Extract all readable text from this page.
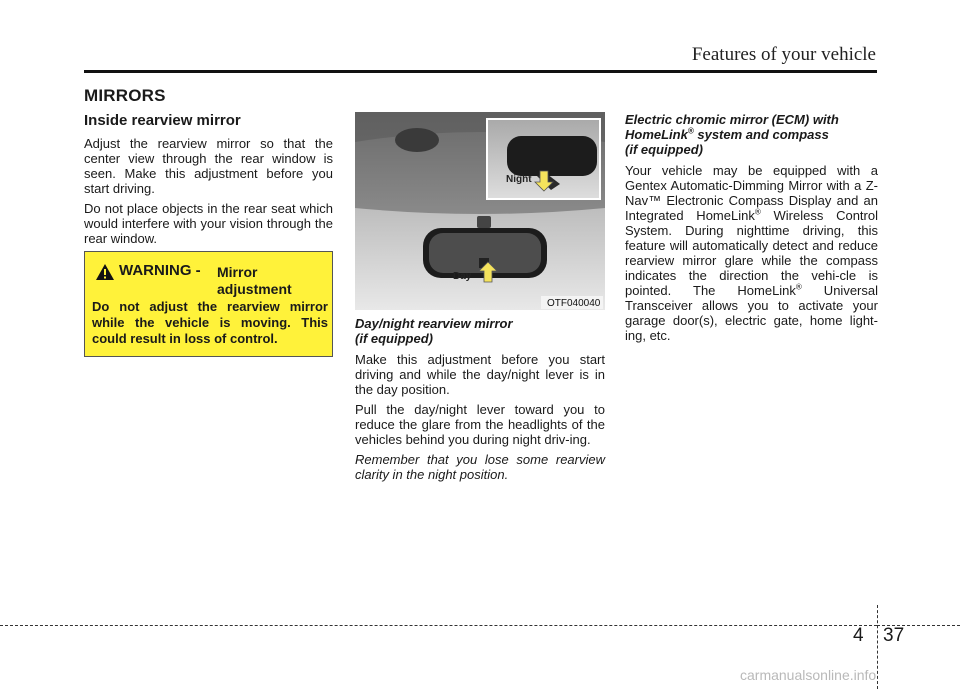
Features of your vehicle
MIRRORS
Inside rearview mirror

Adjust the rearview mirror so that the center view through the rear window is seen. Make this adjustment before you start driving.

Do not place objects in the rear seat which would interfere with your vision through the rear window.

WARNING - Mirror
adjustment
Do not adjust the rearview mirror while the vehicle is moving. This could result in loss of control.
Day
Night
OTF040040
Day/night rearview mirror
(if equipped)

Make this adjustment before you start driving and while the day/night lever is in the day position.

Pull the day/night lever toward you to reduce the glare from the headlights of the vehicles behind you during night driv-ing.

Remember that you lose some rearview clarity in the night position.

Electric chromic mirror (ECM) with
HomeLink® system and compass
(if equipped)

Your vehicle may be equipped with a Gentex Automatic-Dimming Mirror with a Z-Nav™ Electronic Compass Display and an Integrated HomeLink® Wireless Control System. During nighttime driving, this feature will automatically detect and reduce rearview mirror glare while the compass indicates the direction the vehi-cle is pointed. The HomeLink® Universal Transceiver allows you to activate your garage door(s), electric gate, home light-ing, etc.

4 37
carmanualsonline.info
